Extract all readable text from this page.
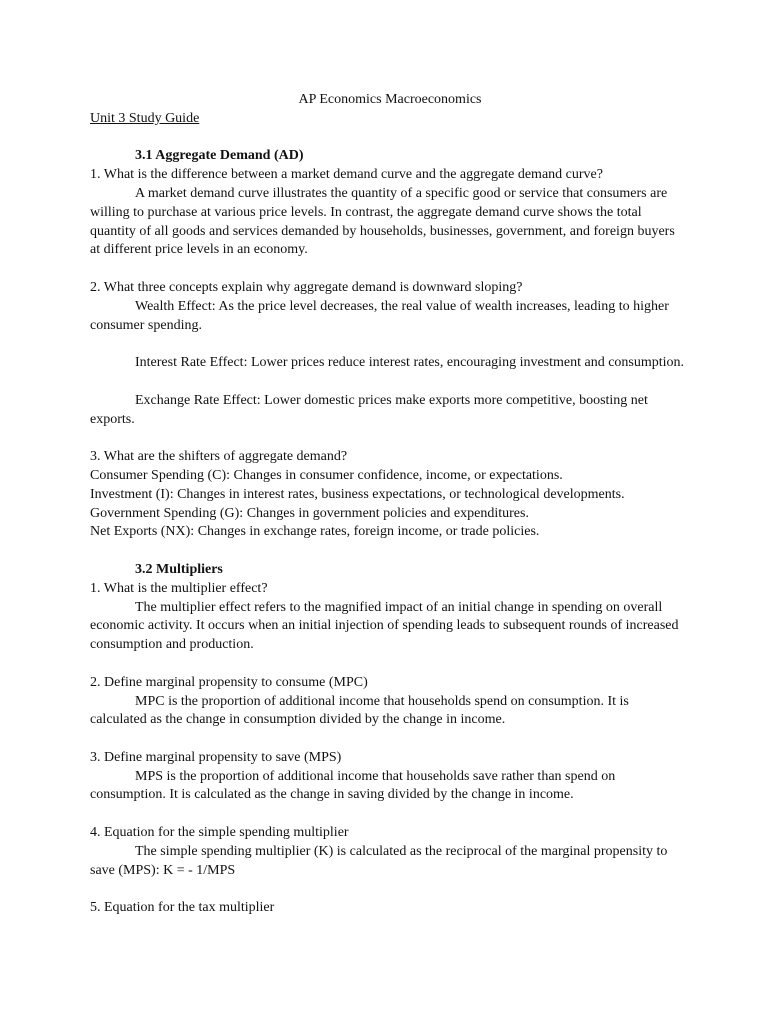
AP Economics Macroeconomics
Unit 3 Study Guide
3.1 Aggregate Demand (AD)
1. What is the difference between a market demand curve and the aggregate demand curve?
A market demand curve illustrates the quantity of a specific good or service that consumers are
willing to purchase at various price levels. In contrast, the aggregate demand curve shows the total
quantity of all goods and services demanded by households, businesses, government, and foreign buyers
at different price levels in an economy.
2. What three concepts explain why aggregate demand is downward sloping?
Wealth Effect: As the price level decreases, the real value of wealth increases, leading to higher
consumer spending.
Interest Rate Effect: Lower prices reduce interest rates, encouraging investment and consumption.
Exchange Rate Effect: Lower domestic prices make exports more competitive, boosting net
exports.
3. What are the shifters of aggregate demand?
Consumer Spending (C): Changes in consumer confidence, income, or expectations.
Investment (I): Changes in interest rates, business expectations, or technological developments.
Government Spending (G): Changes in government policies and expenditures.
Net Exports (NX): Changes in exchange rates, foreign income, or trade policies.
3.2 Multipliers
1. What is the multiplier effect?
The multiplier effect refers to the magnified impact of an initial change in spending on overall
economic activity. It occurs when an initial injection of spending leads to subsequent rounds of increased
consumption and production.
2. Define marginal propensity to consume (MPC)
MPC is the proportion of additional income that households spend on consumption. It is
calculated as the change in consumption divided by the change in income.
3. Define marginal propensity to save (MPS)
MPS is the proportion of additional income that households save rather than spend on
consumption. It is calculated as the change in saving divided by the change in income.
4. Equation for the simple spending multiplier
The simple spending multiplier (K) is calculated as the reciprocal of the marginal propensity to
save (MPS): K = - 1/MPS
5. Equation for the tax multiplier
